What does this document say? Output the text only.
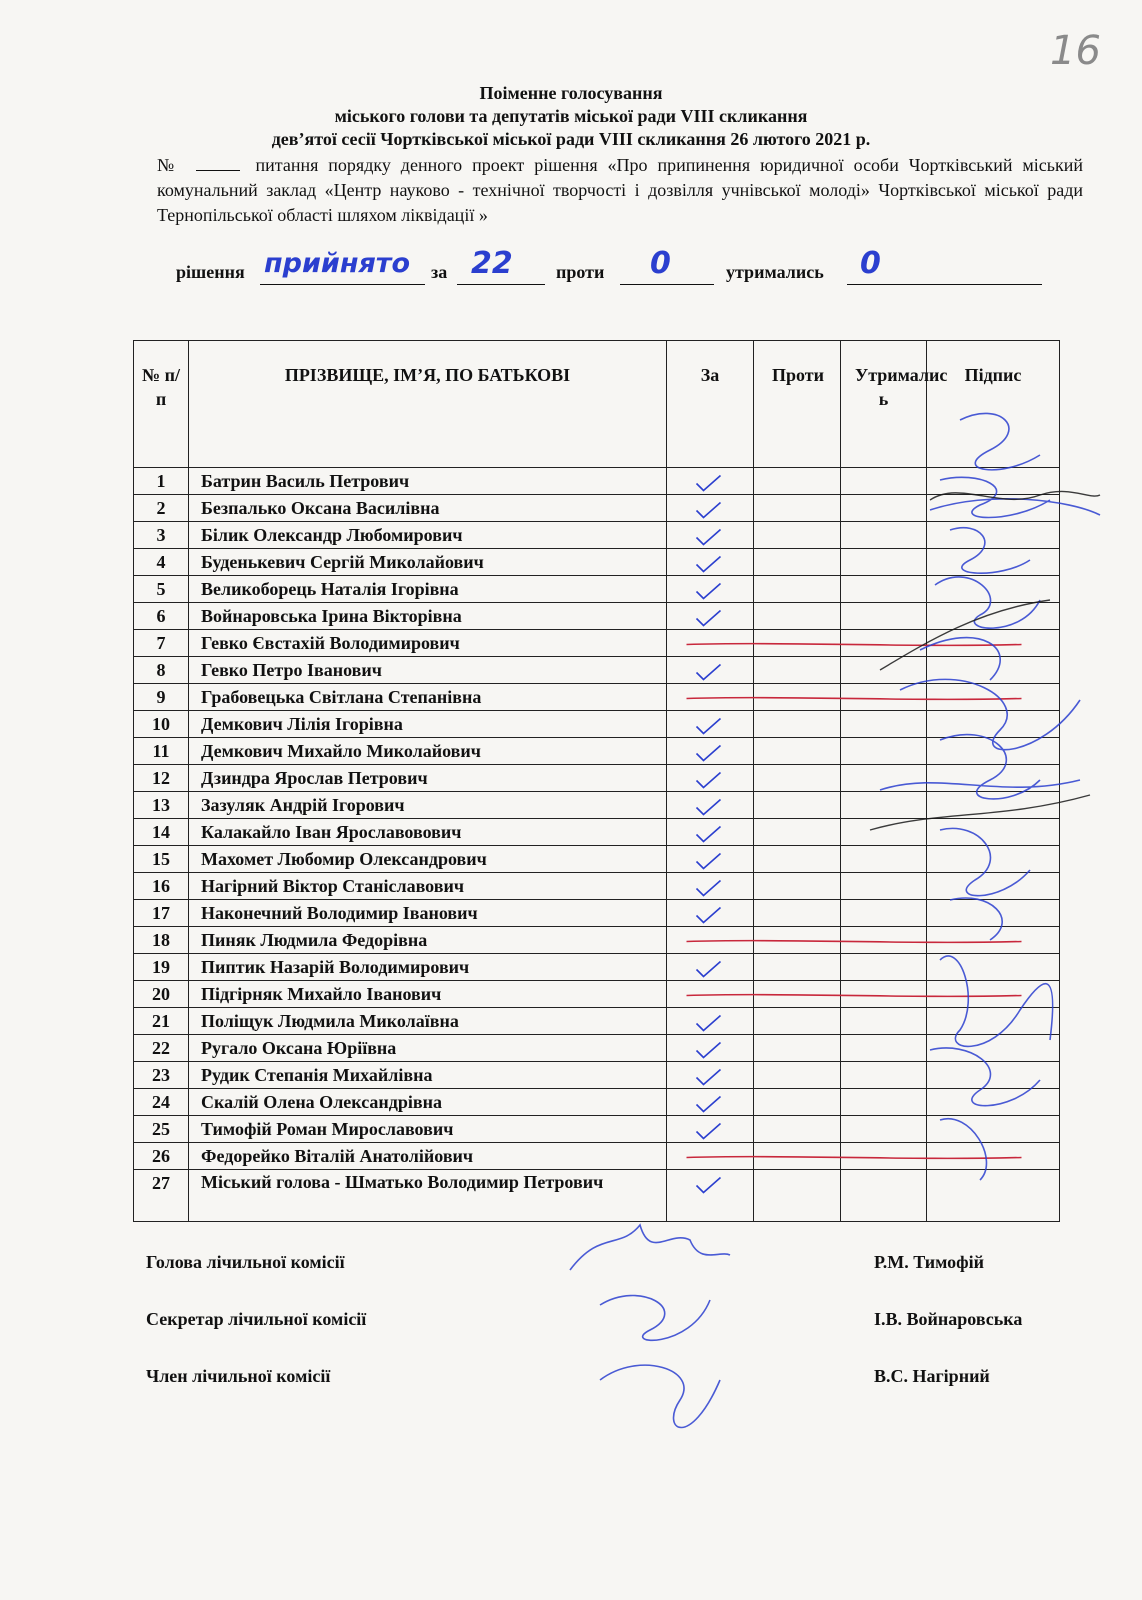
16
Поіменне голосування
міського голови та депутатів міської ради VIII скликання
дев’ятої сесії Чортківської міської ради VIII скликання 26 лютого 2021 р.
№	питання порядку денного проект рішення «Про припинення юридичної особи Чортківський міський комунальний заклад «Центр науково - технічної творчості і дозвілля учнівської молоді» Чортківської міської ради Тернопільської області шляхом ліквідації »
рішення прийнято за 22 проти 0	утримались 0
№ п/п	ПРІЗВИЩЕ, ІМ’Я, ПО БАТЬКОВІ	За	Проти	Утрималис ь	Підпис
1	Батрин Василь Петрович				
2	Безпалько Оксана Василівна				
3	Білик Олександр Любомирович				
4	Буденькевич Сергій Миколайович				
5	Великоборець Наталія Ігорівна				
6	Войнаровська Ірина Вікторівна				
7	Гевко Євстахій Володимирович				
8	Гевко Петро Іванович				
9	Грабовецька Світлана Степанівна				
10	Демкович Лілія Ігорівна				
11	Демкович Михайло Миколайович				
12	Дзиндра Ярослав Петрович				
13	Зазуляк Андрій Ігорович				
14	Калакайло Іван Ярославовович				
15	Махомет Любомир Олександрович				
16	Нагірний Віктор Станіславович				
17	Наконечний Володимир Іванович				
18	Пиняк Людмила Федорівна				
19	Пиптик Назарій Володимирович				
20	Підгірняк Михайло Іванович				
21	Поліщук Людмила Миколаївна				
22	Ругало Оксана Юріївна				
23	Рудик Степанія Михайлівна				
24	Скалій Олена Олександрівна				
25	Тимофій Роман Мирославович				
26	Федорейко Віталій Анатолійович				
27	Міський голова - Шматько Володимир Петрович				
Голова лічильної комісії	Р.М. Тимофій
Секретар лічильної комісії	І.В. Войнаровська
Член лічильної комісії	В.С. Нагірний
